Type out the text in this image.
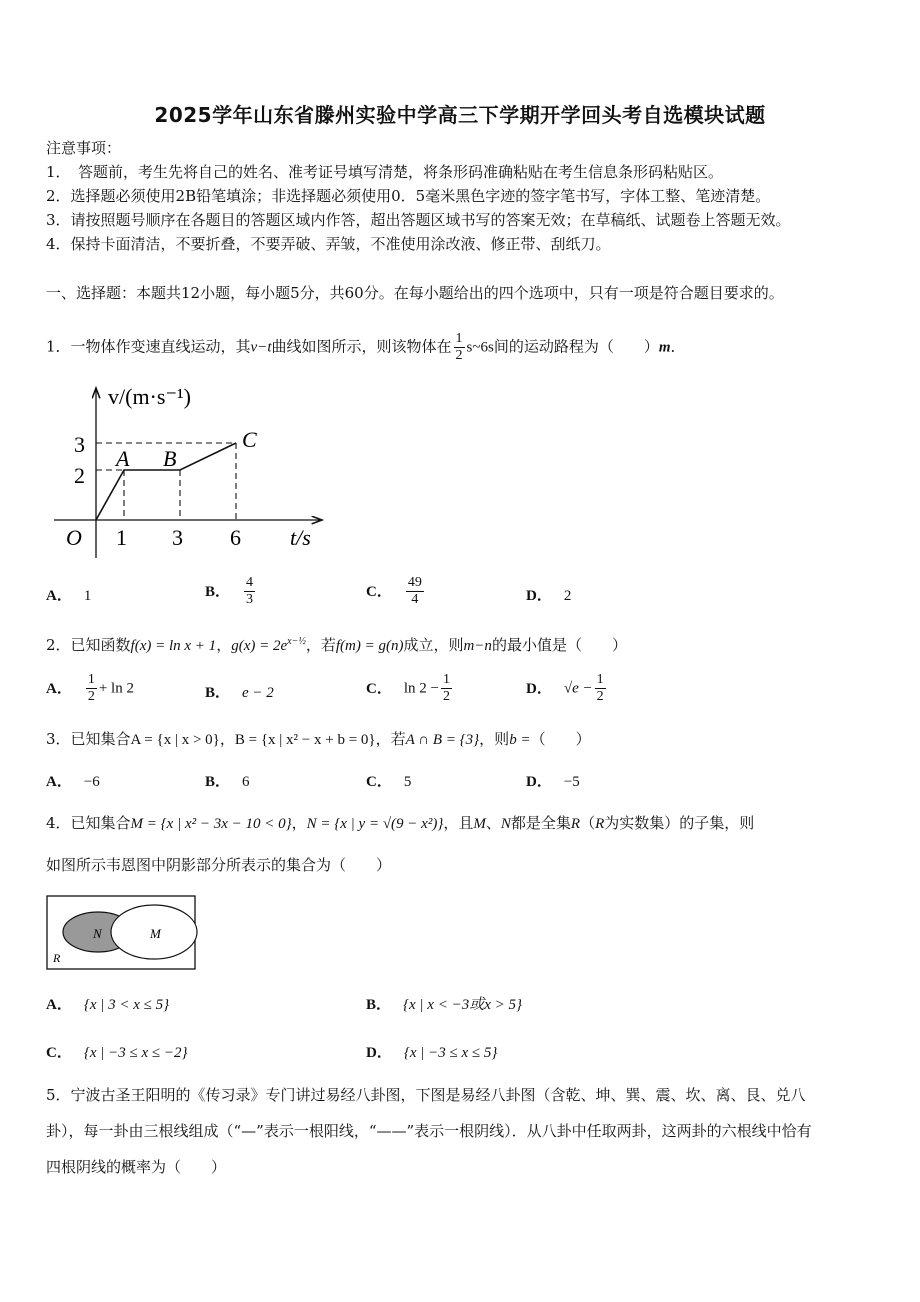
2025学年山东省滕州实验中学高三下学期开学回头考自选模块试题
注意事项：
1．　答题前，考生先将自己的姓名、准考证号填写清楚，将条形码准确粘贴在考生信息条形码粘贴区。
2．选择题必须使用2B铅笔填涂；非选择题必须使用0．5毫米黑色字迹的签字笔书写，字体工整、笔迹清楚。
3．请按照题号顺序在各题目的答题区域内作答，超出答题区域书写的答案无效；在草稿纸、试题卷上答题无效。
4．保持卡面清洁，不要折叠，不要弄破、弄皱，不准使用涂改液、修正带、刮纸刀。
一、选择题：本题共12小题，每小题5分，共60分。在每小题给出的四个选项中，只有一项是符合题目要求的。
1．一物体作变速直线运动，其v−t曲线如图所示，则该物体在 $\frac{1}{2}$ s~6s间的运动路程为（　　）m．
v/(m·s⁻¹)
t/s
O 1 3 6
2
3
A B
C
A． 1	B． $\frac{4}{3}$	C． $\frac{49}{4}$	D． 2
2．已知函数f(x) = ln x + 1，$g(x) = 2e^{x-\frac{1}{2}}$，若f(m) = g(n)成立，则m−n的最小值是（　　）
A． $\frac{1}{2} + \ln 2$	B． e − 2	C． $\ln 2 - \frac{1}{2}$	D． $√e - \frac{1}{2}$
3．已知集合A = {x | x > 0}，B = {x | x² − x + b = 0}，若A ∩ B = {3}，则b =（　　）
A． −6	B． 6	C． 5	D． −5
4．已知集合M = {x | x² − 3x − 10 < 0}，N = {x | y = √(9 − x²)}，且M、N都是全集R（R为实数集）的子集，则
如图所示韦恩图中阴影部分所表示的集合为（　　）
N	M
R
A． {x | 3 < x ≤ 5}	B． {x | x < −3或x > 5}
C． {x | −3 ≤ x ≤ −2}	D． {x | −3 ≤ x ≤ 5}
5．宁波古圣王阳明的《传习录》专门讲过易经八卦图，下图是易经八卦图（含乾、坤、巽、震、坎、离、艮、兑八
卦），每一卦由三根线组成（“—”表示一根阳线，“——”表示一根阴线）．从八卦中任取两卦，这两卦的六根线中恰有
四根阴线的概率为（　　）
